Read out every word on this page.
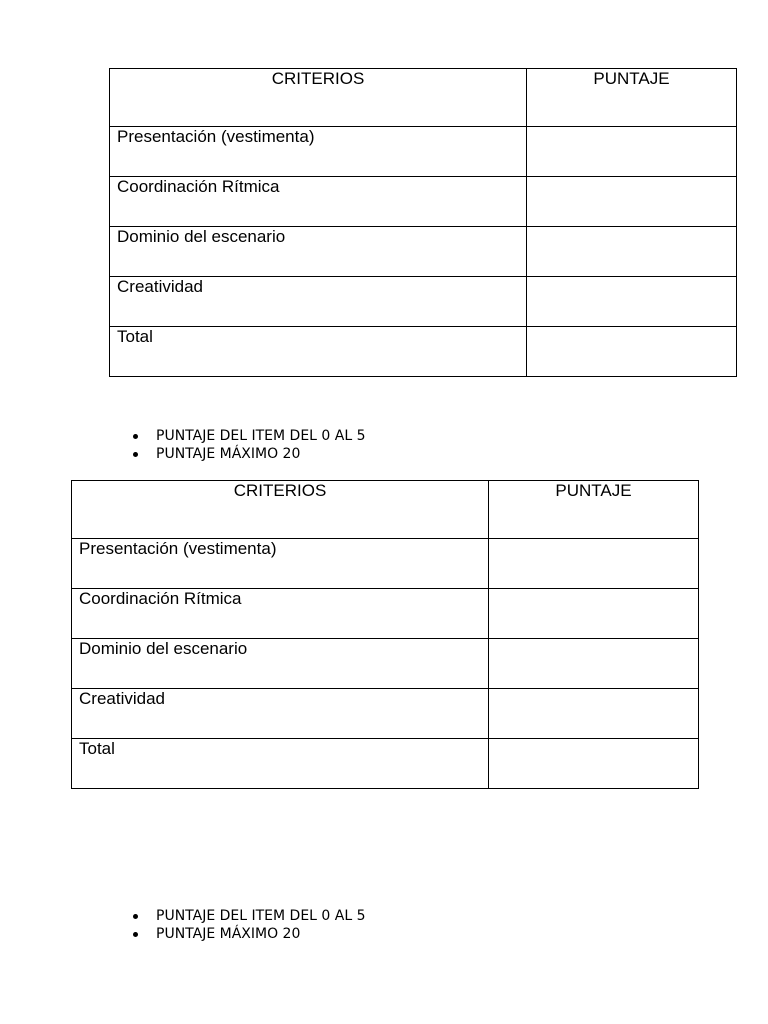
CRITERIOS	PUNTAJE
Presentación (vestimenta)	
Coordinación Rítmica	
Dominio del escenario	
Creatividad	
Total	
PUNTAJE DEL ITEM DEL 0 AL 5
PUNTAJE MÁXIMO 20
CRITERIOS	PUNTAJE
Presentación (vestimenta)	
Coordinación Rítmica	
Dominio del escenario	
Creatividad	
Total	
PUNTAJE DEL ITEM DEL 0 AL 5
PUNTAJE MÁXIMO 20
